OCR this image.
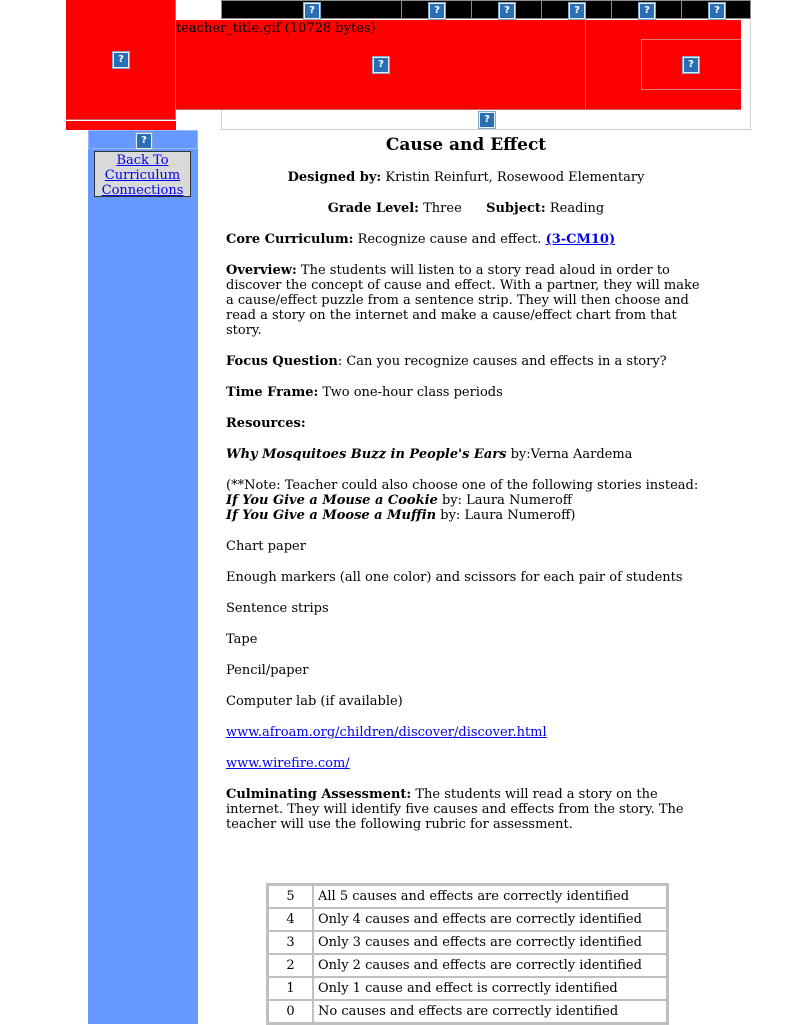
?
?	?	?	?	?	?
teacher_title.gif (10728 bytes)
?	?
?
?
Back To
Curriculum
Connections
Cause and Effect
Designed by: Kristin Reinfurt, Rosewood Elementary
Grade Level: Three Subject: Reading
Core Curriculum: Recognize cause and effect. (3-CM10)
Overview: The students will listen to a story read aloud in order to discover the concept of cause and effect. With a partner, they will make a cause/effect puzzle from a sentence strip. They will then choose and read a story on the internet and make a cause/effect chart from that story.
Focus Question: Can you recognize causes and effects in a story?
Time Frame: Two one-hour class periods
Resources:
Why Mosquitoes Buzz in People's Ears by:Verna Aardema
(**Note: Teacher could also choose one of the following stories instead:
If You Give a Mouse a Cookie by: Laura Numeroff
If You Give a Moose a Muffin by: Laura Numeroff)
Chart paper
Enough markers (all one color) and scissors for each pair of students
Sentence strips
Tape
Pencil/paper
Computer lab (if available)
www.afroam.org/children/discover/discover.html
www.wirefire.com/
Culminating Assessment: The students will read a story on the internet. They will identify five causes and effects from the story. The teacher will use the following rubric for assessment.
5	All 5 causes and effects are correctly identified
4	Only 4 causes and effects are correctly identified
3	Only 3 causes and effects are correctly identified
2	Only 2 causes and effects are correctly identified
1	Only 1 cause and effect is correctly identified
0	No causes and effects are correctly identified
